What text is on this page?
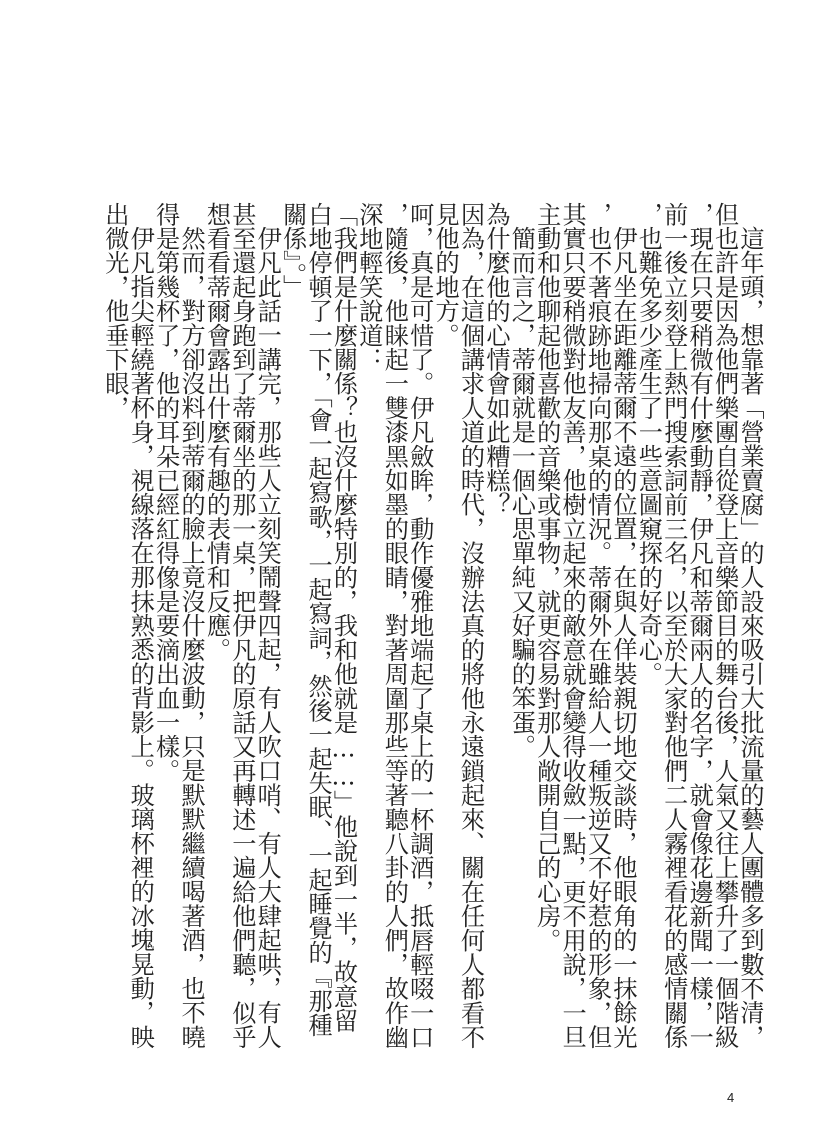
這年頭，想靠著「營業賣腐」的人設來吸引大批流量的藝人團體多到數不清，但也許是因為他們樂團自從登上音樂節目的舞台後，人氣又往上攀升了一個階級，現在只要稍微有什麼動靜，伊凡和蒂爾兩人的名字，就會像花邊新聞一樣，一前一後立刻登上熱門搜索詞前三名，以至於大家對他們二人霧裡看花的感情關係，也難免多少產生了一些意圖窺探的好奇心。

伊凡坐在距離蒂爾不遠的位置，在與人佯裝親切地交談時，他眼角的一抹餘光，也不著痕跡地掃向那桌的情況。蒂爾外在雖給人一種叛逆又不好惹的形象，但其實只要稍微對他友善，他樹立起來的敵意就會變得收斂一點，更不用說，一旦主動和他聊起他喜歡的音樂或事物，就更容易對那人敞開自己的心房。

簡而言之，蒂爾就是一個心思單純又好騙的笨蛋。

為什麼他的心情會如此糟糕？

因為，在這個講求人道的時代，沒辦法真的將他永遠鎖起來、關在任何人都看不見他的地方。

呵，真是可惜了。伊凡斂眸，動作優雅地端起了桌上的一杯調酒，抵唇輕啜一口，隨後，他睐起一雙漆黑如墨的眼睛，對著周圍那些等著聽八卦的人們，故作幽深地輕笑說道：

「我們是什麼關係？也沒什麼特別的，我和他就是……」他說到一半，故意留白地停頓了一下，「會一起寫歌，一起寫詞，然後一起失眠、一起睡覺的『那種關係』。」

伊凡此話一講完，那些人立刻笑鬧聲四起，有人吹口哨、有人大肆起哄，有人甚至還起身跑到了蒂爾坐的那一桌，把伊凡的原話又再轉述一遍給他們聽，似乎想看看蒂爾會露出什麼有趣的表情和反應。

然而，對方卻沒料到蒂爾的臉上竟沒什麼波動，只是默默繼續喝著酒，也不曉得是第幾杯了，他的耳朵已經紅得像是要滴出血一樣。

伊凡指尖輕繞著杯身，視線落在那抹熟悉的背影上。玻璃杯裡的冰塊晃動，映出微光，他垂下眼，

4
